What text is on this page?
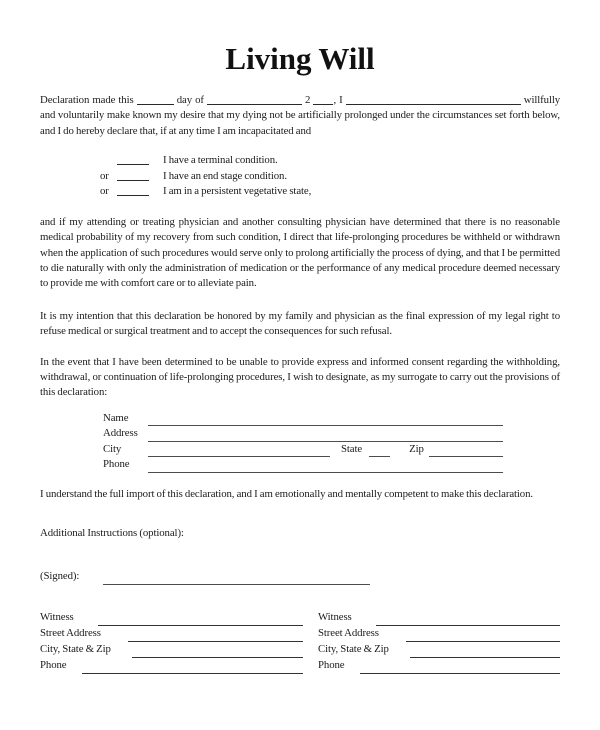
Living Will

Declaration made this	day of	2 , I	willfully and voluntarily make known my desire that my dying not be artificially prolonged under the circumstances set forth below, and I do hereby declare that, if at any time I am incapacitated and

I have a terminal condition.
or	I have an end stage condition.
or	I am in a persistent vegetative state,

and if my attending or treating physician and another consulting physician have determined that there is no reasonable medical probability of my recovery from such condition, I direct that life-prolonging procedures be withheld or withdrawn when the application of such procedures would serve only to prolong artificially the process of dying, and that I be permitted to die naturally with only the administration of medication or the performance of any medical procedure deemed necessary to provide me with comfort care or to alleviate pain.

It is my intention that this declaration be honored by my family and physician as the final expression of my legal right to refuse medical or surgical treatment and to accept the consequences for such refusal.

In the event that I have been determined to be unable to provide express and informed consent regarding the withholding, withdrawal, or continuation of life-prolonging procedures, I wish to designate, as my surrogate to carry out the provisions of this declaration:

Name
Address
City	State	Zip
Phone

I understand the full import of this declaration, and I am emotionally and mentally competent to make this declaration.

Additional Instructions (optional):

(Signed):
Witness
Street Address
City, State & Zip
Phone
Witness
Street Address
City, State & Zip
Phone
